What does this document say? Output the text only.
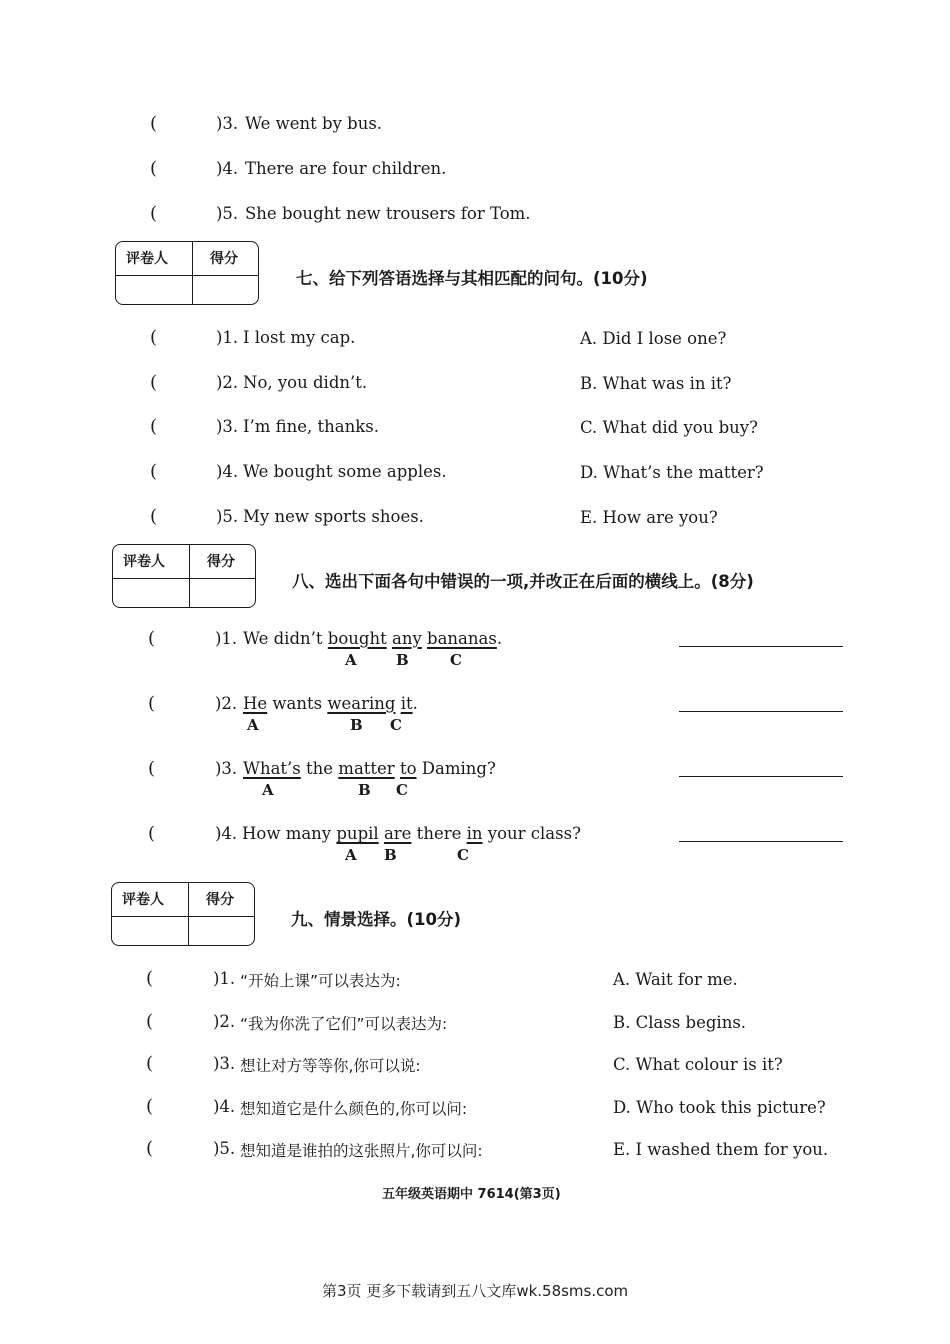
(	)3. We went by bus.
(	)4. There are four children.
(	)5. She bought new trousers for Tom.
评卷人	得分
七、给下列答语选择与其相匹配的问句。(10分)
(	)1. I lost my cap.	A. Did I lose one?
(	)2. No, you didn’t.	B. What was in it?
(	)3. I’m fine, thanks.	C. What did you buy?
(	)4. We bought some apples.	D. What’s the matter?
(	)5. My new sports shoes.	E. How are you?
评卷人	得分
八、选出下面各句中错误的一项,并改正在后面的横线上。(8分)
(	)1. We didn’t bought any bananas.
A	B	C
(	)2. He wants wearing it.
A	B C
(	)3. What’s the matter to Daming?
A	B C
(	)4. How many pupil are there in your class?
A B	C
评卷人	得分
九、情景选择。(10分)
(	)1. “开始上课”可以表达为:	A. Wait for me.
(	)2. “我为你洗了它们”可以表达为:	B. Class begins.
(	)3. 想让对方等等你,你可以说:	C. What colour is it?
(	)4. 想知道它是什么颜色的,你可以问:	D. Who took this picture?
(	)5. 想知道是谁拍的这张照片,你可以问:	E. I washed them for you.
五年级英语期中 7614(第3页)
第3页 更多下载请到五八文库wk.58sms.com
